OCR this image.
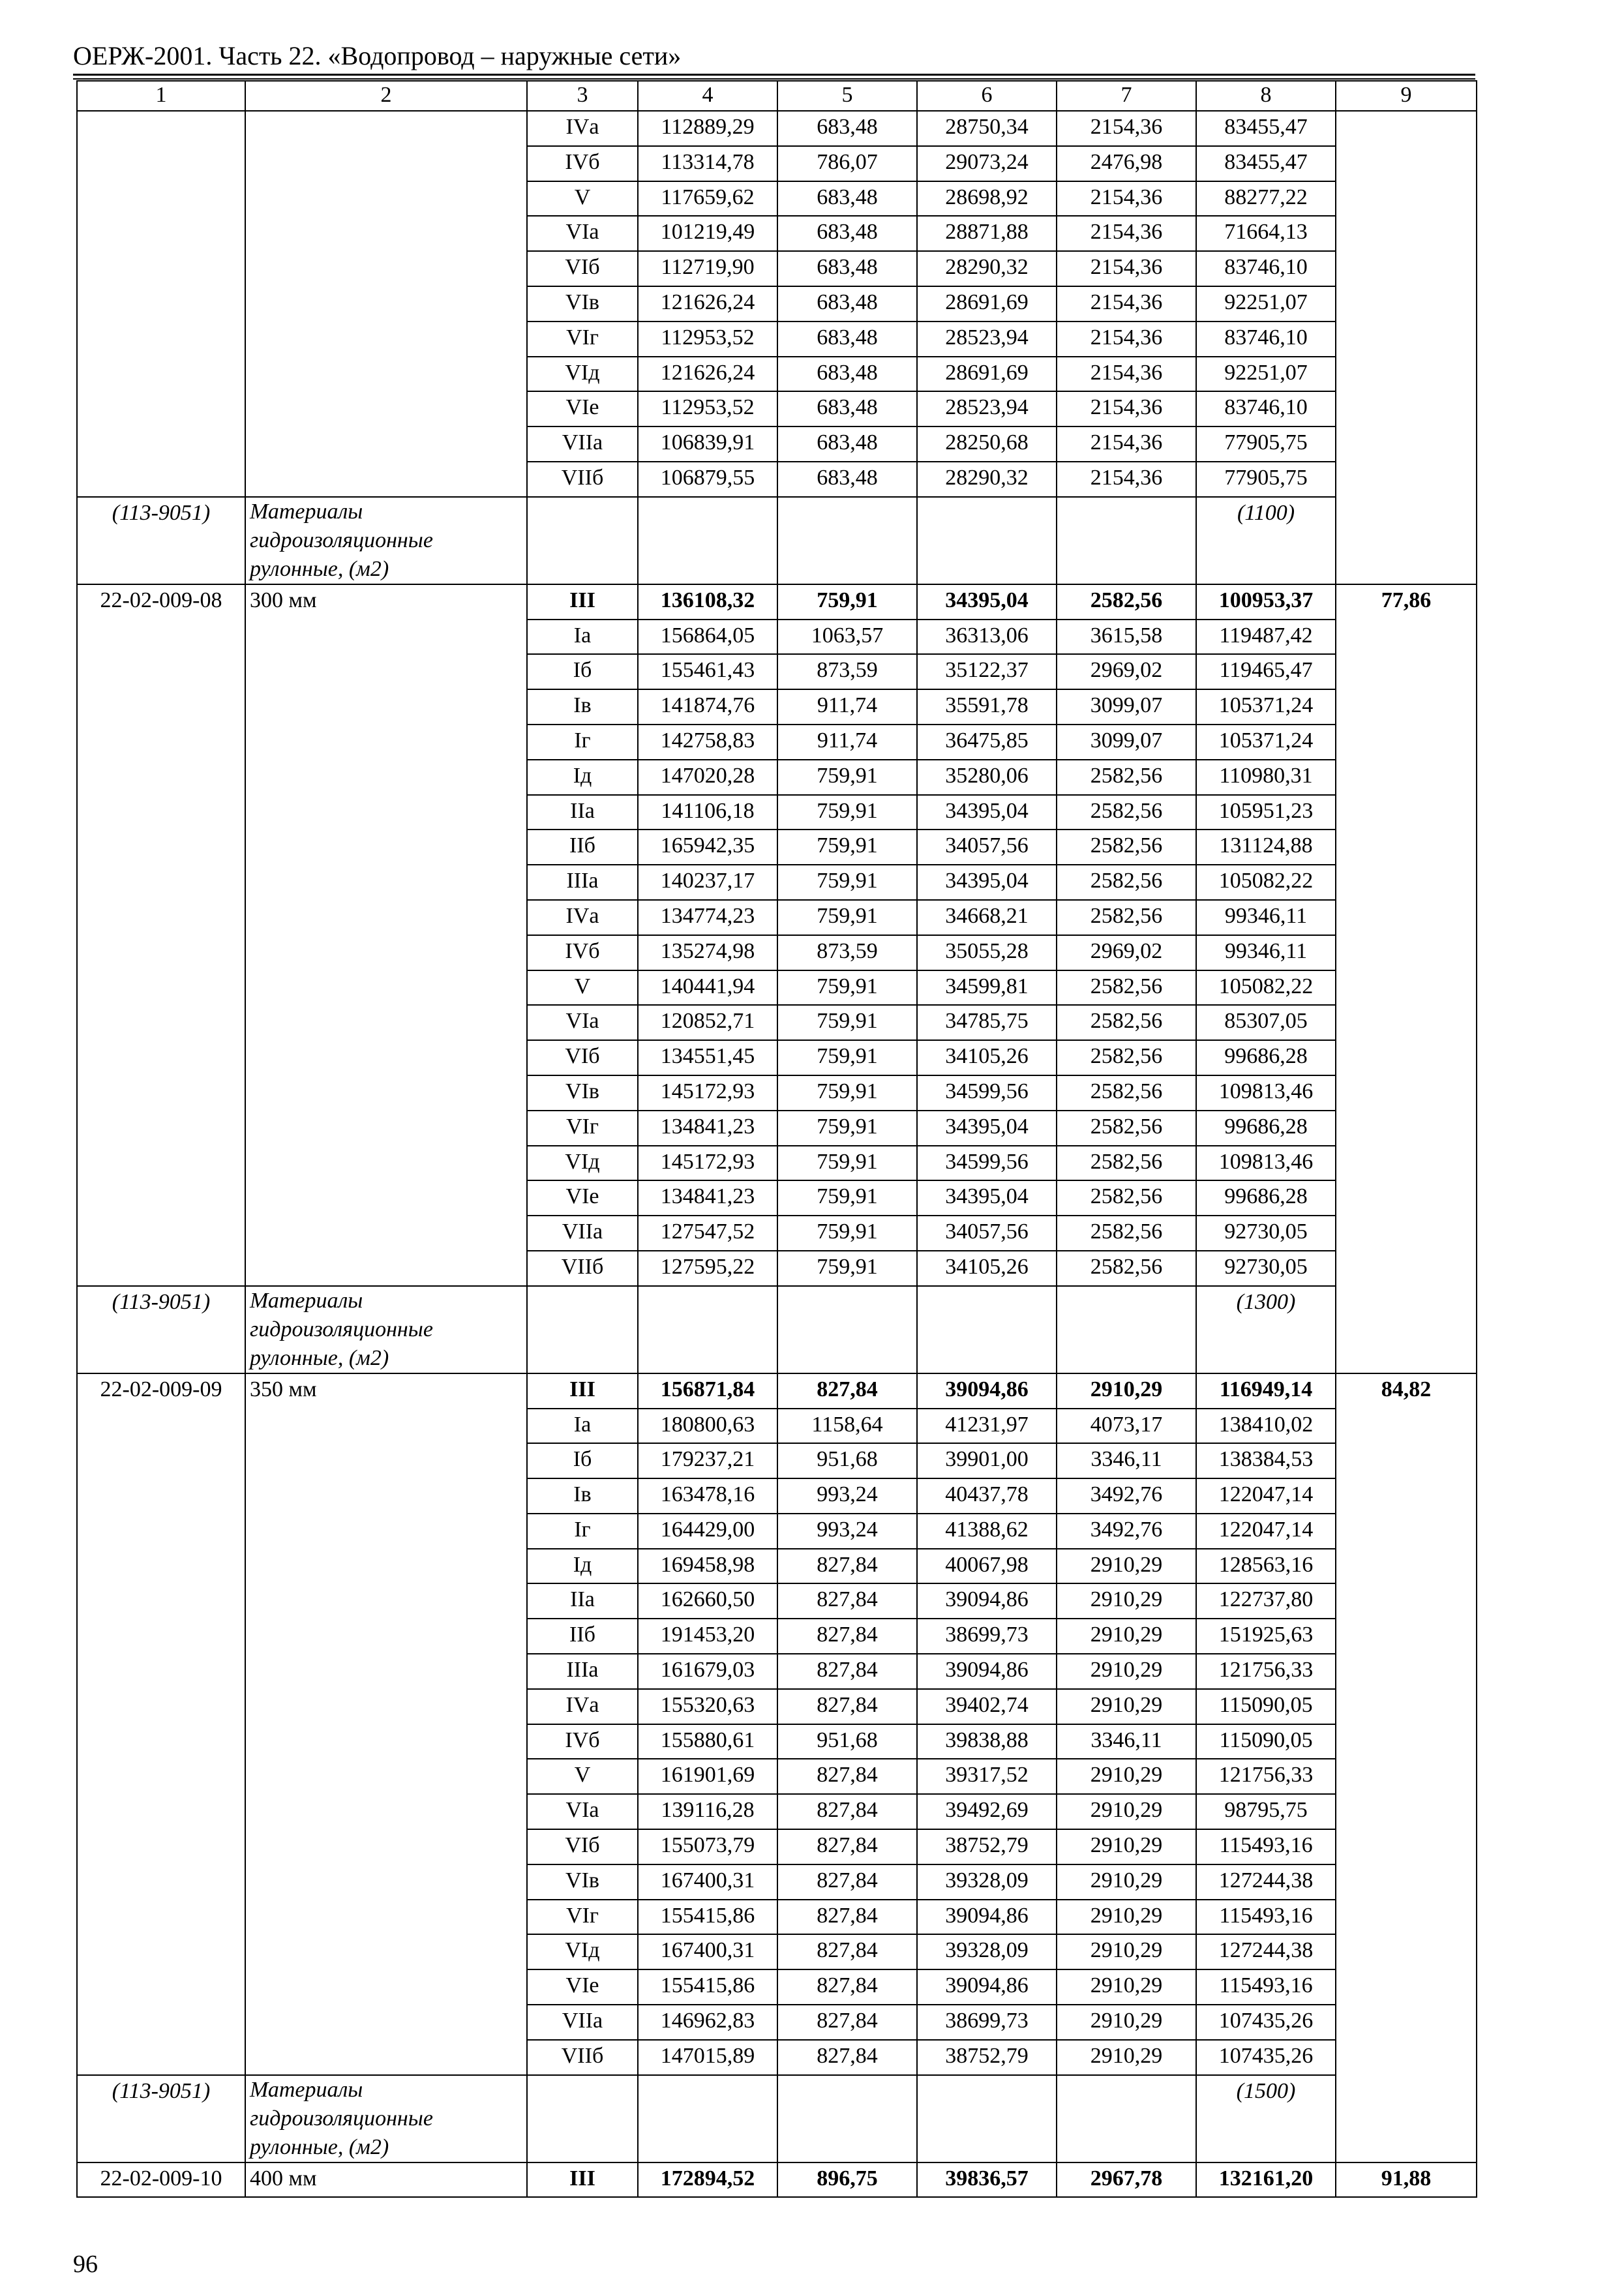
ОЕРЖ-2001. Часть 22. «Водопровод – наружные сети»
1	2	3	4	5	6	7	8	9
		IVа	112889,29	683,48	28750,34	2154,36	83455,47	
		IVб	113314,78	786,07	29073,24	2476,98	83455,47	
		V	117659,62	683,48	28698,92	2154,36	88277,22	
		VIа	101219,49	683,48	28871,88	2154,36	71664,13	
		VIб	112719,90	683,48	28290,32	2154,36	83746,10	
		VIв	121626,24	683,48	28691,69	2154,36	92251,07	
		VIг	112953,52	683,48	28523,94	2154,36	83746,10	
		VIд	121626,24	683,48	28691,69	2154,36	92251,07	
		VIе	112953,52	683,48	28523,94	2154,36	83746,10	
		VIIа	106839,91	683,48	28250,68	2154,36	77905,75	
		VIIб	106879,55	683,48	28290,32	2154,36	77905,75	
(113-9051)	Материалы гидроизоляционные рулонные, (м2)						(1100)	
22-02-009-08	300 мм	III	136108,32	759,91	34395,04	2582,56	100953,37	77,86
		Iа	156864,05	1063,57	36313,06	3615,58	119487,42	
		Iб	155461,43	873,59	35122,37	2969,02	119465,47	
		Iв	141874,76	911,74	35591,78	3099,07	105371,24	
		Iг	142758,83	911,74	36475,85	3099,07	105371,24	
		Iд	147020,28	759,91	35280,06	2582,56	110980,31	
		IIа	141106,18	759,91	34395,04	2582,56	105951,23	
		IIб	165942,35	759,91	34057,56	2582,56	131124,88	
		IIIа	140237,17	759,91	34395,04	2582,56	105082,22	
		IVа	134774,23	759,91	34668,21	2582,56	99346,11	
		IVб	135274,98	873,59	35055,28	2969,02	99346,11	
		V	140441,94	759,91	34599,81	2582,56	105082,22	
		VIа	120852,71	759,91	34785,75	2582,56	85307,05	
		VIб	134551,45	759,91	34105,26	2582,56	99686,28	
		VIв	145172,93	759,91	34599,56	2582,56	109813,46	
		VIг	134841,23	759,91	34395,04	2582,56	99686,28	
		VIд	145172,93	759,91	34599,56	2582,56	109813,46	
		VIе	134841,23	759,91	34395,04	2582,56	99686,28	
		VIIа	127547,52	759,91	34057,56	2582,56	92730,05	
		VIIб	127595,22	759,91	34105,26	2582,56	92730,05	
(113-9051)	Материалы гидроизоляционные рулонные, (м2)						(1300)	
22-02-009-09	350 мм	III	156871,84	827,84	39094,86	2910,29	116949,14	84,82
		Iа	180800,63	1158,64	41231,97	4073,17	138410,02	
		Iб	179237,21	951,68	39901,00	3346,11	138384,53	
		Iв	163478,16	993,24	40437,78	3492,76	122047,14	
		Iг	164429,00	993,24	41388,62	3492,76	122047,14	
		Iд	169458,98	827,84	40067,98	2910,29	128563,16	
		IIа	162660,50	827,84	39094,86	2910,29	122737,80	
		IIб	191453,20	827,84	38699,73	2910,29	151925,63	
		IIIа	161679,03	827,84	39094,86	2910,29	121756,33	
		IVа	155320,63	827,84	39402,74	2910,29	115090,05	
		IVб	155880,61	951,68	39838,88	3346,11	115090,05	
		V	161901,69	827,84	39317,52	2910,29	121756,33	
		VIа	139116,28	827,84	39492,69	2910,29	98795,75	
		VIб	155073,79	827,84	38752,79	2910,29	115493,16	
		VIв	167400,31	827,84	39328,09	2910,29	127244,38	
		VIг	155415,86	827,84	39094,86	2910,29	115493,16	
		VIд	167400,31	827,84	39328,09	2910,29	127244,38	
		VIе	155415,86	827,84	39094,86	2910,29	115493,16	
		VIIа	146962,83	827,84	38699,73	2910,29	107435,26	
		VIIб	147015,89	827,84	38752,79	2910,29	107435,26	
(113-9051)	Материалы гидроизоляционные рулонные, (м2)						(1500)	
22-02-009-10	400 мм	III	172894,52	896,75	39836,57	2967,78	132161,20	91,88
96
